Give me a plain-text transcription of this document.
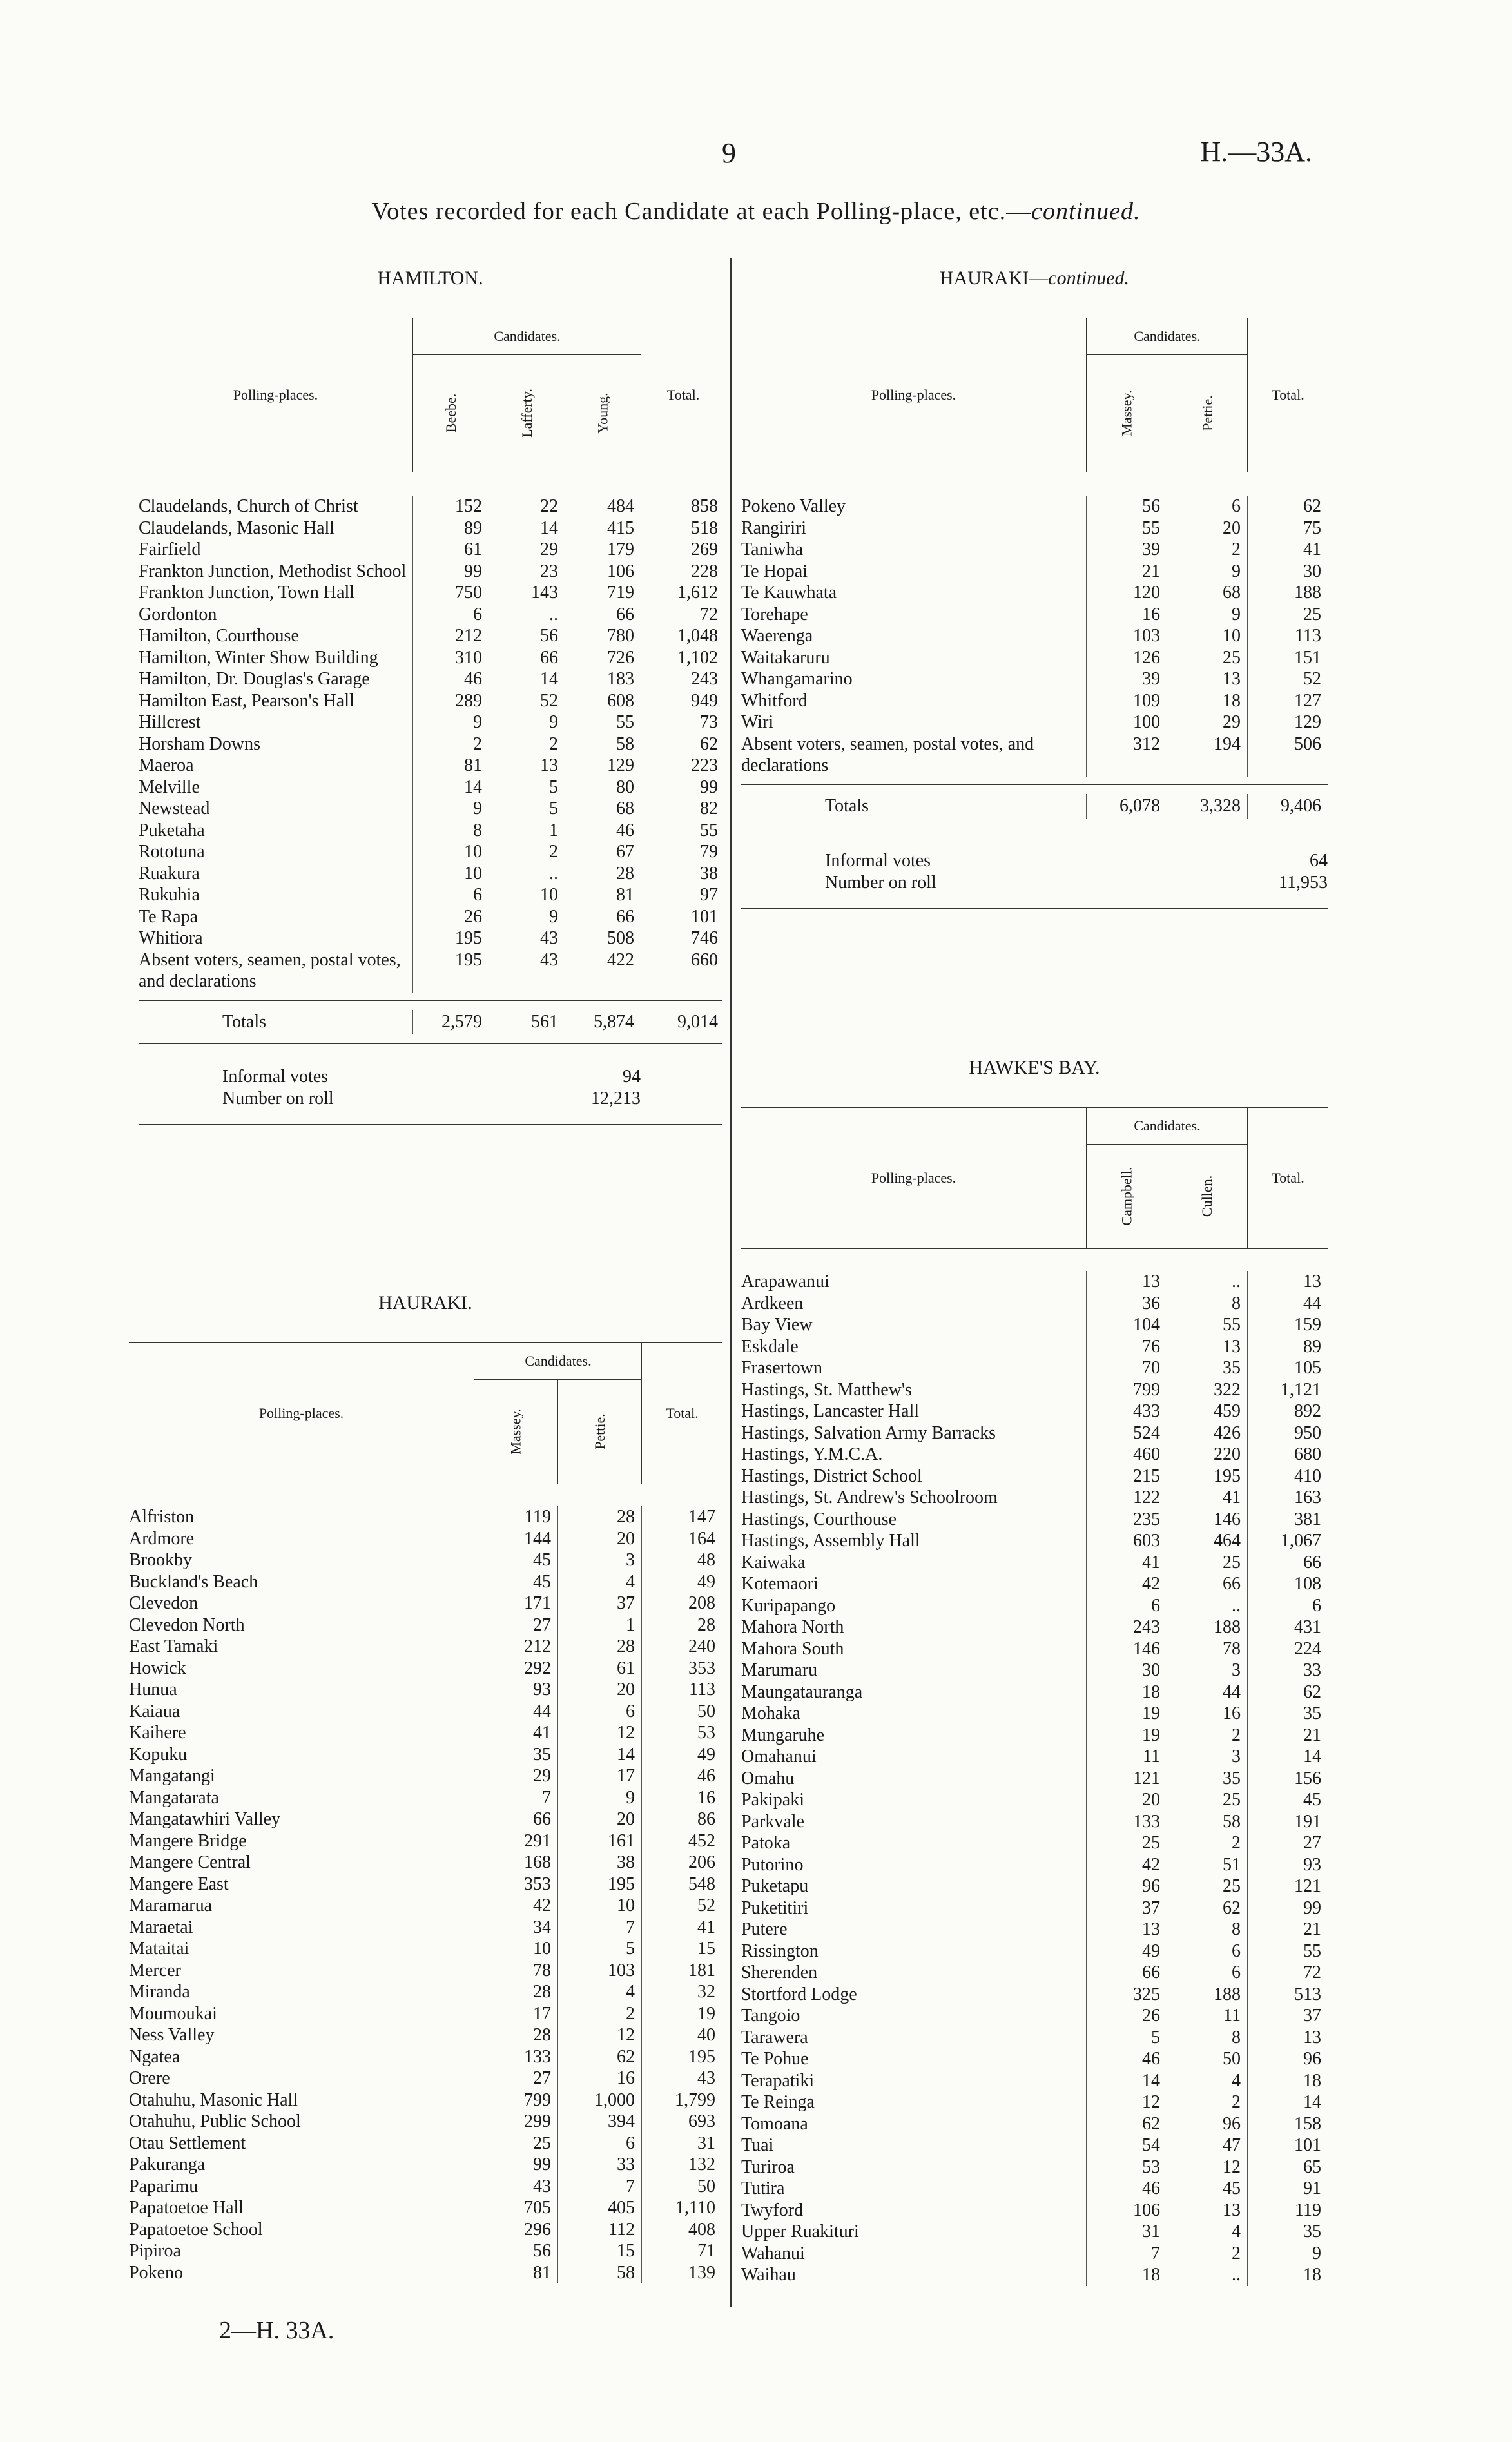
9	H.—33A.
Votes recorded for each Candidate at each Polling-place, etc.—continued.
HAMILTON.
Polling-places.
Candidates.
Beebe.	Lafferty.	Young.	Total.
Claudelands, Church of Christ	152	22	484	858
Claudelands, Masonic Hall	89	14	415	518
Fairfield	61	29	179	269
Frankton Junction, Methodist School	99	23	106	228
Frankton Junction, Town Hall	750	143	719	1,612
Gordonton	6	..	66	72
Hamilton, Courthouse	212	56	780	1,048
Hamilton, Winter Show Building	310	66	726	1,102
Hamilton, Dr. Douglas's Garage	46	14	183	243
Hamilton East, Pearson's Hall	289	52	608	949
Hillcrest	9	9	55	73
Horsham Downs	2	2	58	62
Maeroa	81	13	129	223
Melville	14	5	80	99
Newstead	9	5	68	82
Puketaha	8	1	46	55
Rototuna	10	2	67	79
Ruakura	10	..	28	38
Rukuhia	6	10	81	97
Te Rapa	26	9	66	101
Whitiora	195	43	508	746
Absent voters, seamen, postal votes, and declarations
195	43	422	660
Totals	2,579	561	5,874	9,014
Informal votes	94
Number on roll	12,213
HAURAKI.
Polling-places.
Candidates.
Massey.	Pettie.
Total.
Alfriston	119	28	147
Ardmore	144	20	164
Brookby	45	3	48
Buckland's Beach	45	4	49
Clevedon	171	37	208
Clevedon North	27	1	28
East Tamaki	212	28	240
Howick	292	61	353
Hunua	93	20	113
Kaiaua	44	6	50
Kaihere	41	12	53
Kopuku	35	14	49
Mangatangi	29	17	46
Mangatarata	7	9	16
Mangatawhiri Valley	66	20	86
Mangere Bridge	291	161	452
Mangere Central	168	38	206
Mangere East	353	195	548
Maramarua	42	10	52
Maraetai	34	7	41
Mataitai	10	5	15
Mercer	78	103	181
Miranda	28	4	32
Moumoukai	17	2	19
Ness Valley	28	12	40
Ngatea	133	62	195
Orere	27	16	43
Otahuhu, Masonic Hall	799	1,000	1,799
Otahuhu, Public School	299	394	693
Otau Settlement	25	6	31
Pakuranga	99	33	132
Paparimu	43	7	50
Papatoetoe Hall	705	405	1,110
Papatoetoe School	296	112	408
Pipiroa	56	15	71
Pokeno	81	58	139
HAURAKI—continued.
Polling-places.
Candidates.
Massey.	Pettie.
Total.
Pokeno Valley	56	6	62
Rangiriri	55	20	75
Taniwha	39	2	41
Te Hopai	21	9	30
Te Kauwhata	120	68	188
Torehape	16	9	25
Waerenga	103	10	113
Waitakaruru	126	25	151
Whangamarino	39	13	52
Whitford	109	18	127
Wiri	100	29	129
Absent voters, seamen, postal votes, and declarations
312	194	506
Totals	6,078	3,328	9,406
Informal votes	64
Number on roll	11,953
HAWKE'S BAY.
Polling-places.
Candidates.
Campbell.	Cullen.	Total.
Arapawanui	13	..	13
Ardkeen	36	8	44
Bay View	104	55	159
Eskdale	76	13	89
Frasertown	70	35	105
Hastings, St. Matthew's	799	322	1,121
Hastings, Lancaster Hall	433	459	892
Hastings, Salvation Army Barracks	524	426	950
Hastings, Y.M.C.A.	460	220	680
Hastings, District School	215	195	410
Hastings, St. Andrew's Schoolroom	122	41	163
Hastings, Courthouse	235	146	381
Hastings, Assembly Hall	603	464	1,067
Kaiwaka	41	25	66
Kotemaori	42	66	108
Kuripapango	6	..	6
Mahora North	243	188	431
Mahora South	146	78	224
Marumaru	30	3	33
Maungatauranga	18	44	62
Mohaka	19	16	35
Mungaruhe	19	2	21
Omahanui	11	3	14
Omahu	121	35	156
Pakipaki	20	25	45
Parkvale	133	58	191
Patoka	25	2	27
Putorino	42	51	93
Puketapu	96	25	121
Puketitiri	37	62	99
Putere	13	8	21
Rissington	49	6	55
Sherenden	66	6	72
Stortford Lodge	325	188	513
Tangoio	26	11	37
Tarawera	5	8	13
Te Pohue	46	50	96
Terapatiki	14	4	18
Te Reinga	12	2	14
Tomoana	62	96	158
Tuai	54	47	101
Turiroa	53	12	65
Tutira	46	45	91
Twyford	106	13	119
Upper Ruakituri	31	4	35
Wahanui	7	2	9
Waihau	18	..	18
2—H. 33A.
